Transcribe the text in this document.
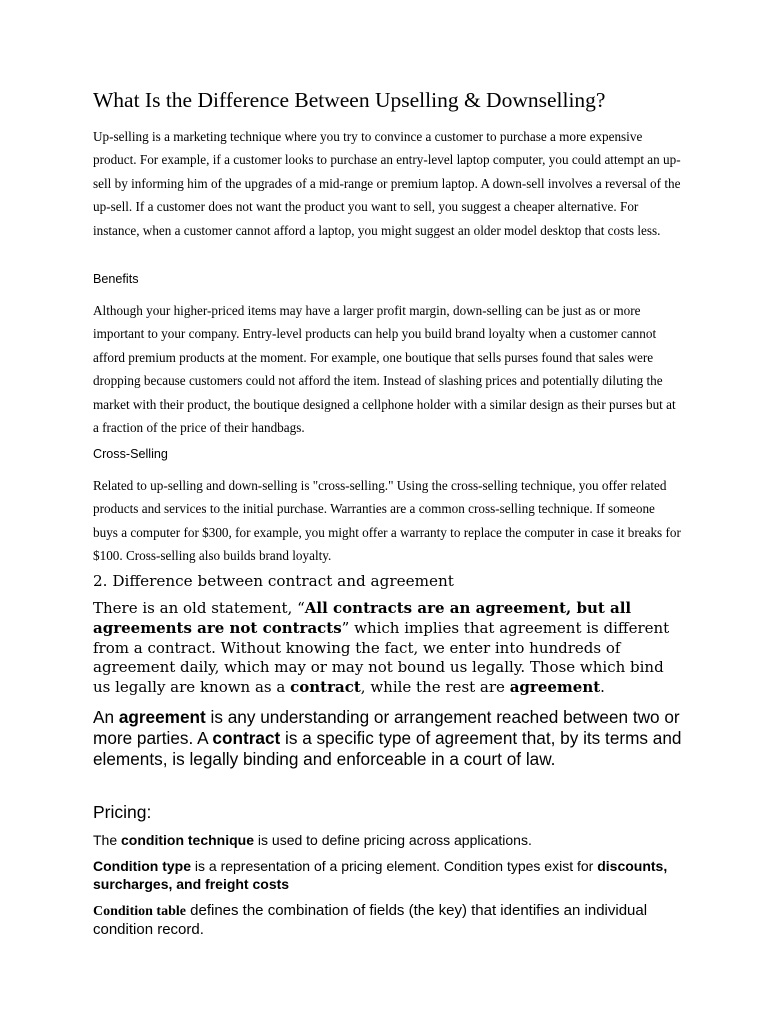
What Is the Difference Between Upselling & Downselling?

Up-selling is a marketing technique where you try to convince a customer to purchase a more expensive product. For example, if a customer looks to purchase an entry-level laptop computer, you could attempt an up-sell by informing him of the upgrades of a mid-range or premium laptop. A down-sell involves a reversal of the up-sell. If a customer does not want the product you want to sell, you suggest a cheaper alternative. For instance, when a customer cannot afford a laptop, you might suggest an older model desktop that costs less.

Benefits

Although your higher-priced items may have a larger profit margin, down-selling can be just as or more important to your company. Entry-level products can help you build brand loyalty when a customer cannot afford premium products at the moment. For example, one boutique that sells purses found that sales were dropping because customers could not afford the item. Instead of slashing prices and potentially diluting the market with their product, the boutique designed a cellphone holder with a similar design as their purses but at a fraction of the price of their handbags.

Cross-Selling

Related to up-selling and down-selling is "cross-selling." Using the cross-selling technique, you offer related products and services to the initial purchase. Warranties are a common cross-selling technique. If someone buys a computer for $300, for example, you might offer a warranty to replace the computer in case it breaks for $100. Cross-selling also builds brand loyalty.

2. Difference between contract and agreement

There is an old statement, “All contracts are an agreement, but all agreements are not contracts” which implies that agreement is different from a contract. Without knowing the fact, we enter into hundreds of agreement daily, which may or may not bound us legally. Those which bind us legally are known as a contract, while the rest are agreement.

An agreement is any understanding or arrangement reached between two or more parties. A contract is a specific type of agreement that, by its terms and elements, is legally binding and enforceable in a court of law.

Pricing:

The condition technique is used to define pricing across applications.

Condition type is a representation of a pricing element. Condition types exist for discounts, surcharges, and freight costs

Condition table defines the combination of fields (the key) that identifies an individual condition record.
